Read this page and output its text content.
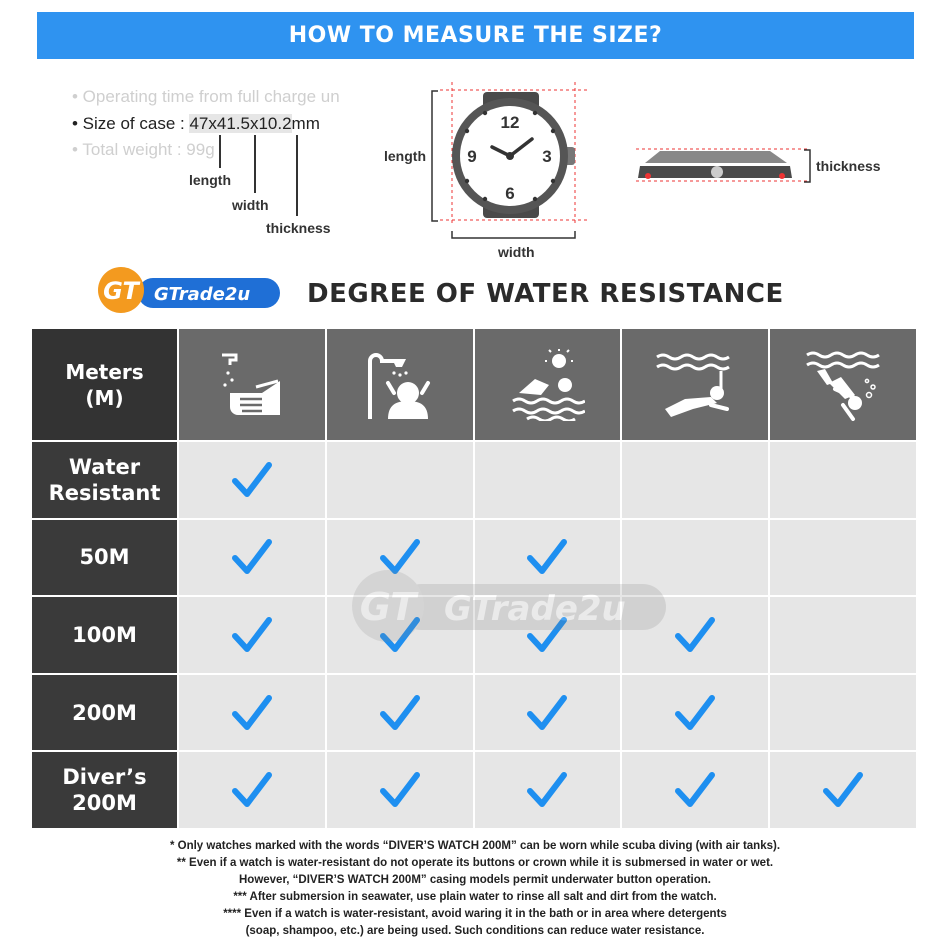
HOW TO MEASURE THE SIZE?
• Operating time from full charge un
• Size of case : 47x41.5x10.2mm
• Total weight : 99g
length
width
thickness
12
3
6
9
length
width
thickness
GT GTrade2u DEGREE OF WATER RESISTANCE
Meters
(M)
Water
Resistant
50M
100M
200M
Diver’s
200M
* Only watches marked with the words “DIVER’S WATCH 200M” can be worn while scuba diving (with air tanks).
** Even if a watch is water-resistant do not operate its buttons or crown while it is submersed in water or wet.
However, “DIVER’S WATCH 200M” casing models permit underwater button operation.
*** After submersion in seawater, use plain water to rinse all salt and dirt from the watch.
**** Even if a watch is water-resistant, avoid waring it in the bath or in area where detergents
(soap, shampoo, etc.) are being used. Such conditions can reduce water resistance.
